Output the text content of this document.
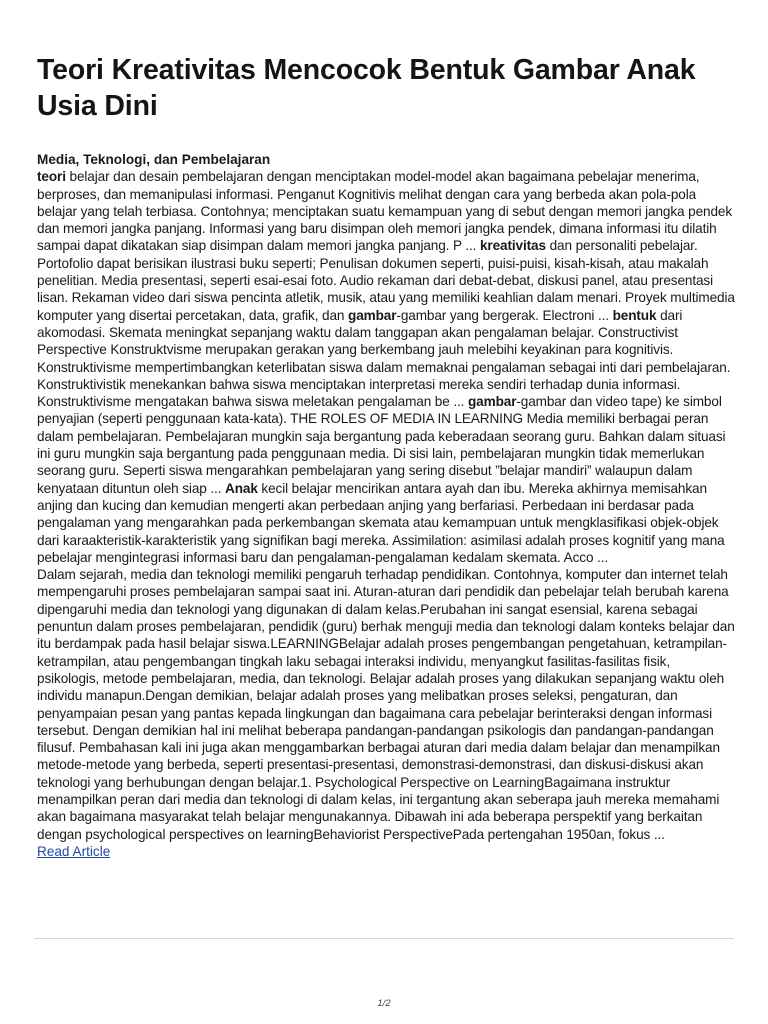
Teori Kreativitas Mencocok Bentuk Gambar Anak Usia Dini
Media, Teknologi, dan Pembelajaran

teori belajar dan desain pembelajaran dengan menciptakan model-model akan bagaimana pebelajar menerima, berproses, dan memanipulasi informasi. Penganut Kognitivis melihat dengan cara yang berbeda akan pola-pola belajar yang telah terbiasa. Contohnya; menciptakan suatu kemampuan yang di sebut dengan memori jangka pendek dan memori jangka panjang. Informasi yang baru disimpan oleh memori jangka pendek, dimana informasi itu dilatih sampai dapat dikatakan siap disimpan dalam memori jangka panjang. P ... kreativitas dan personaliti pebelajar. Portofolio dapat berisikan ilustrasi buku seperti; Penulisan dokumen seperti, puisi-puisi, kisah-kisah, atau makalah penelitian. Media presentasi, seperti esai-esai foto. Audio rekaman dari debat-debat, diskusi panel, atau presentasi lisan. Rekaman video dari siswa pencinta atletik, musik, atau yang memiliki keahlian dalam menari. Proyek multimedia komputer yang disertai percetakan, data, grafik, dan gambar-gambar yang bergerak. Electroni ... bentuk dari akomodasi. Skemata meningkat sepanjang waktu dalam tanggapan akan pengalaman belajar. Constructivist Perspective Konstruktvisme merupakan gerakan yang berkembang jauh melebihi keyakinan para kognitivis. Konstruktivisme mempertimbangkan keterlibatan siswa dalam memaknai pengalaman sebagai inti dari pembelajaran. Konstruktivistik menekankan bahwa siswa menciptakan interpretasi mereka sendiri terhadap dunia informasi. Konstruktivisme mengatakan bahwa siswa meletakan pengalaman be ... gambar-gambar dan video tape) ke simbol penyajian (seperti penggunaan kata-kata). THE ROLES OF MEDIA IN LEARNING Media memiliki berbagai peran dalam pembelajaran. Pembelajaran mungkin saja bergantung pada keberadaan seorang guru. Bahkan dalam situasi ini guru mungkin saja bergantung pada penggunaan media. Di sisi lain, pembelajaran mungkin tidak memerlukan seorang guru. Seperti siswa mengarahkan pembelajaran yang sering disebut ”belajar mandiri” walaupun dalam kenyataan dituntun oleh siap ... Anak kecil belajar mencirikan antara ayah dan ibu. Mereka akhirnya memisahkan anjing dan kucing dan kemudian mengerti akan perbedaan anjing yang berfariasi. Perbedaan ini berdasar pada pengalaman yang mengarahkan pada perkembangan skemata atau kemampuan untuk mengklasifikasi objek-objek dari karaakteristik-karakteristik yang signifikan bagi mereka. Assimilation: asimilasi adalah proses kognitif yang mana pebelajar mengintegrasi informasi baru dan pengalaman-pengalaman kedalam skemata. Acco ...

Dalam sejarah, media dan teknologi memiliki pengaruh terhadap pendidikan. Contohnya, komputer dan internet telah mempengaruhi proses pembelajaran sampai saat ini. Aturan-aturan dari pendidik dan pebelajar telah berubah karena dipengaruhi media dan teknologi yang digunakan di dalam kelas.Perubahan ini sangat esensial, karena sebagai penuntun dalam proses pembelajaran, pendidik (guru) berhak menguji media dan teknologi dalam konteks belajar dan itu berdampak pada hasil belajar siswa.LEARNINGBelajar adalah proses pengembangan pengetahuan, ketrampilan-ketrampilan, atau pengembangan tingkah laku sebagai interaksi individu, menyangkut fasilitas-fasilitas fisik, psikologis, metode pembelajaran, media, dan teknologi. Belajar adalah proses yang dilakukan sepanjang waktu oleh individu manapun.Dengan demikian, belajar adalah proses yang melibatkan proses seleksi, pengaturan, dan penyampaian pesan yang pantas kepada lingkungan dan bagaimana cara pebelajar berinteraksi dengan informasi tersebut. Dengan demikian hal ini melihat beberapa pandangan-pandangan psikologis dan pandangan-pandangan filusuf. Pembahasan kali ini juga akan menggambarkan berbagai aturan dari media dalam belajar dan menampilkan metode-metode yang berbeda, seperti presentasi-presentasi, demonstrasi-demonstrasi, dan diskusi-diskusi akan teknologi yang berhubungan dengan belajar.1. Psychological Perspective on LearningBagaimana instruktur menampilkan peran dari media dan teknologi di dalam kelas, ini tergantung akan seberapa jauh mereka memahami akan bagaimana masyarakat telah belajar mengunakannya. Dibawah ini ada beberapa perspektif yang berkaitan dengan psychological perspectives on learningBehaviorist PerspectivePada pertengahan 1950an, fokus ...

Read Article
1/2
